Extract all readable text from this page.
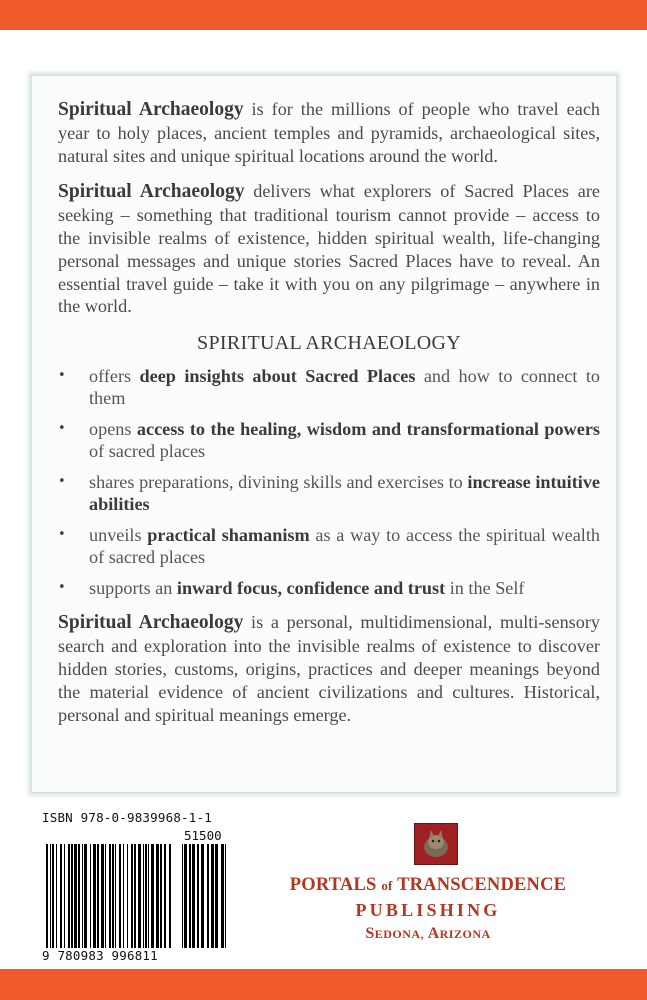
Spiritual Archaeology is for the millions of people who travel each year to holy places, ancient temples and pyramids, archaeological sites, natural sites and unique spiritual locations around the world.

Spiritual Archaeology delivers what explorers of Sacred Places are seeking – something that traditional tourism cannot provide – access to the invisible realms of existence, hidden spiritual wealth, life-changing personal messages and unique stories Sacred Places have to reveal. An essential travel guide – take it with you on any pilgrimage – anywhere in the world.

SPIRITUAL ARCHAEOLOGY
• offers deep insights about Sacred Places and how to connect to them
• opens access to the healing, wisdom and transformational powers of sacred places
• shares preparations, divining skills and exercises to increase intuitive abilities
• unveils practical shamanism as a way to access the spiritual wealth of sacred places
• supports an inward focus, confidence and trust in the Self

Spiritual Archaeology is a personal, multidimensional, multi-sensory search and exploration into the invisible realms of existence to discover hidden stories, customs, origins, practices and deeper meanings beyond the material evidence of ancient civilizations and cultures. Historical, personal and spiritual meanings emerge.

ISBN 978-0-9839968-1-1
51500
9 780983 996811
PORTALS of TRANSCENDENCE
PUBLISHING
SEDONA, ARIZONA
